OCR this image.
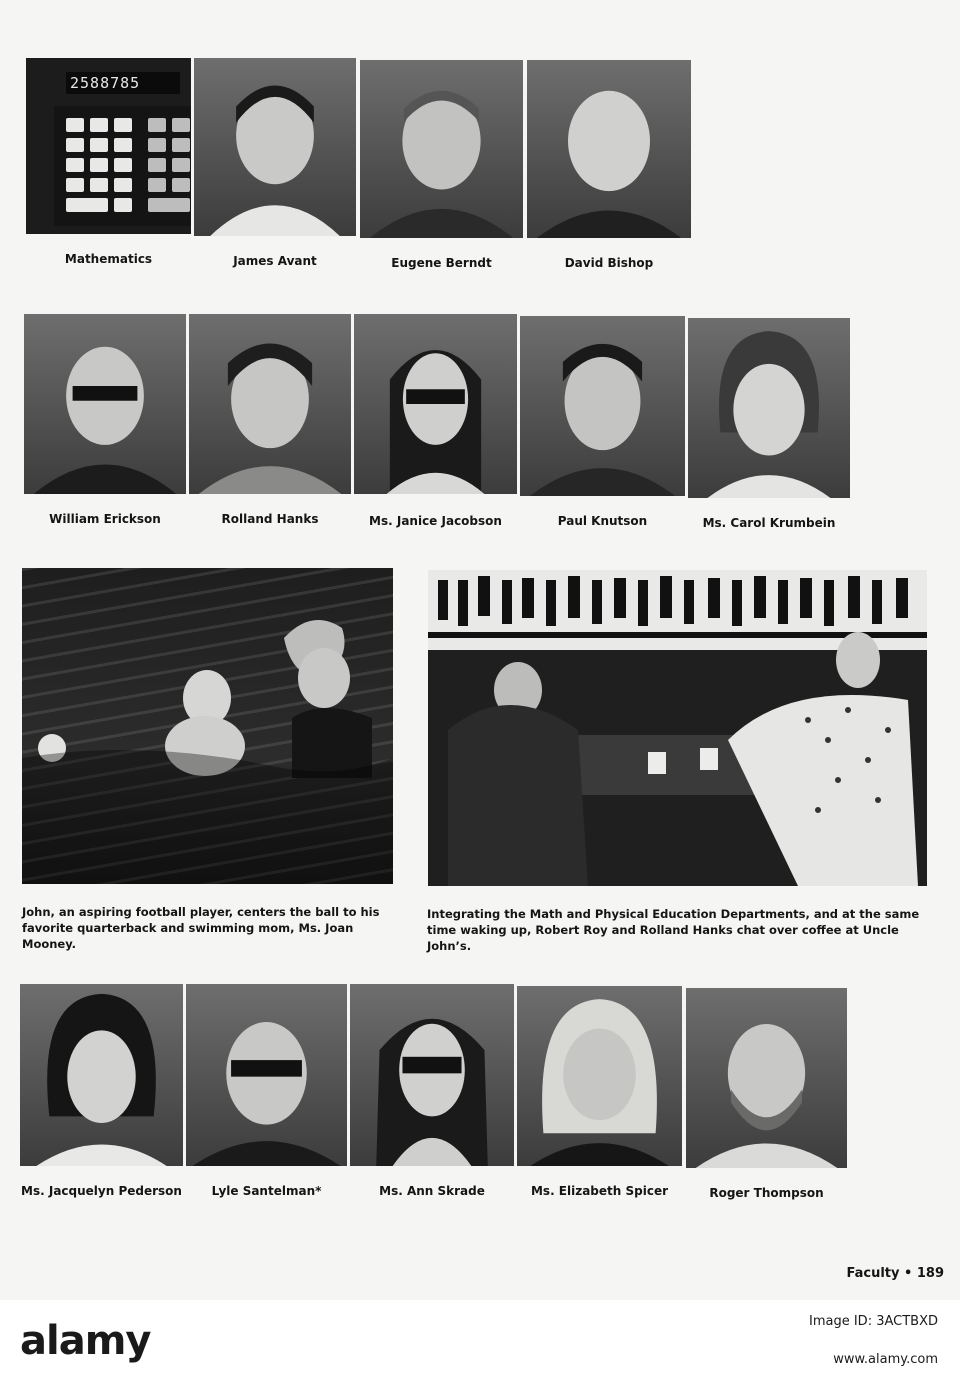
2588785
Mathematics	James Avant	Eugene Berndt	David Bishop
William Erickson	Rolland Hanks	Ms. Janice Jacobson	Paul Knutson	Ms. Carol Krumbein
John, an aspiring football player, centers the ball to his favorite quarterback and swimming mom, Ms. Joan Mooney.
Integrating the Math and Physical Education Departments, and at the same time waking up, Robert Roy and Rolland Hanks chat over coffee at Uncle John’s.
Ms. Jacquelyn Pederson	Lyle Santelman*	Ms. Ann Skrade	Ms. Elizabeth Spicer	Roger Thompson
Faculty • 189
alamy	Image ID: 3ACTBXD
www.alamy.com
